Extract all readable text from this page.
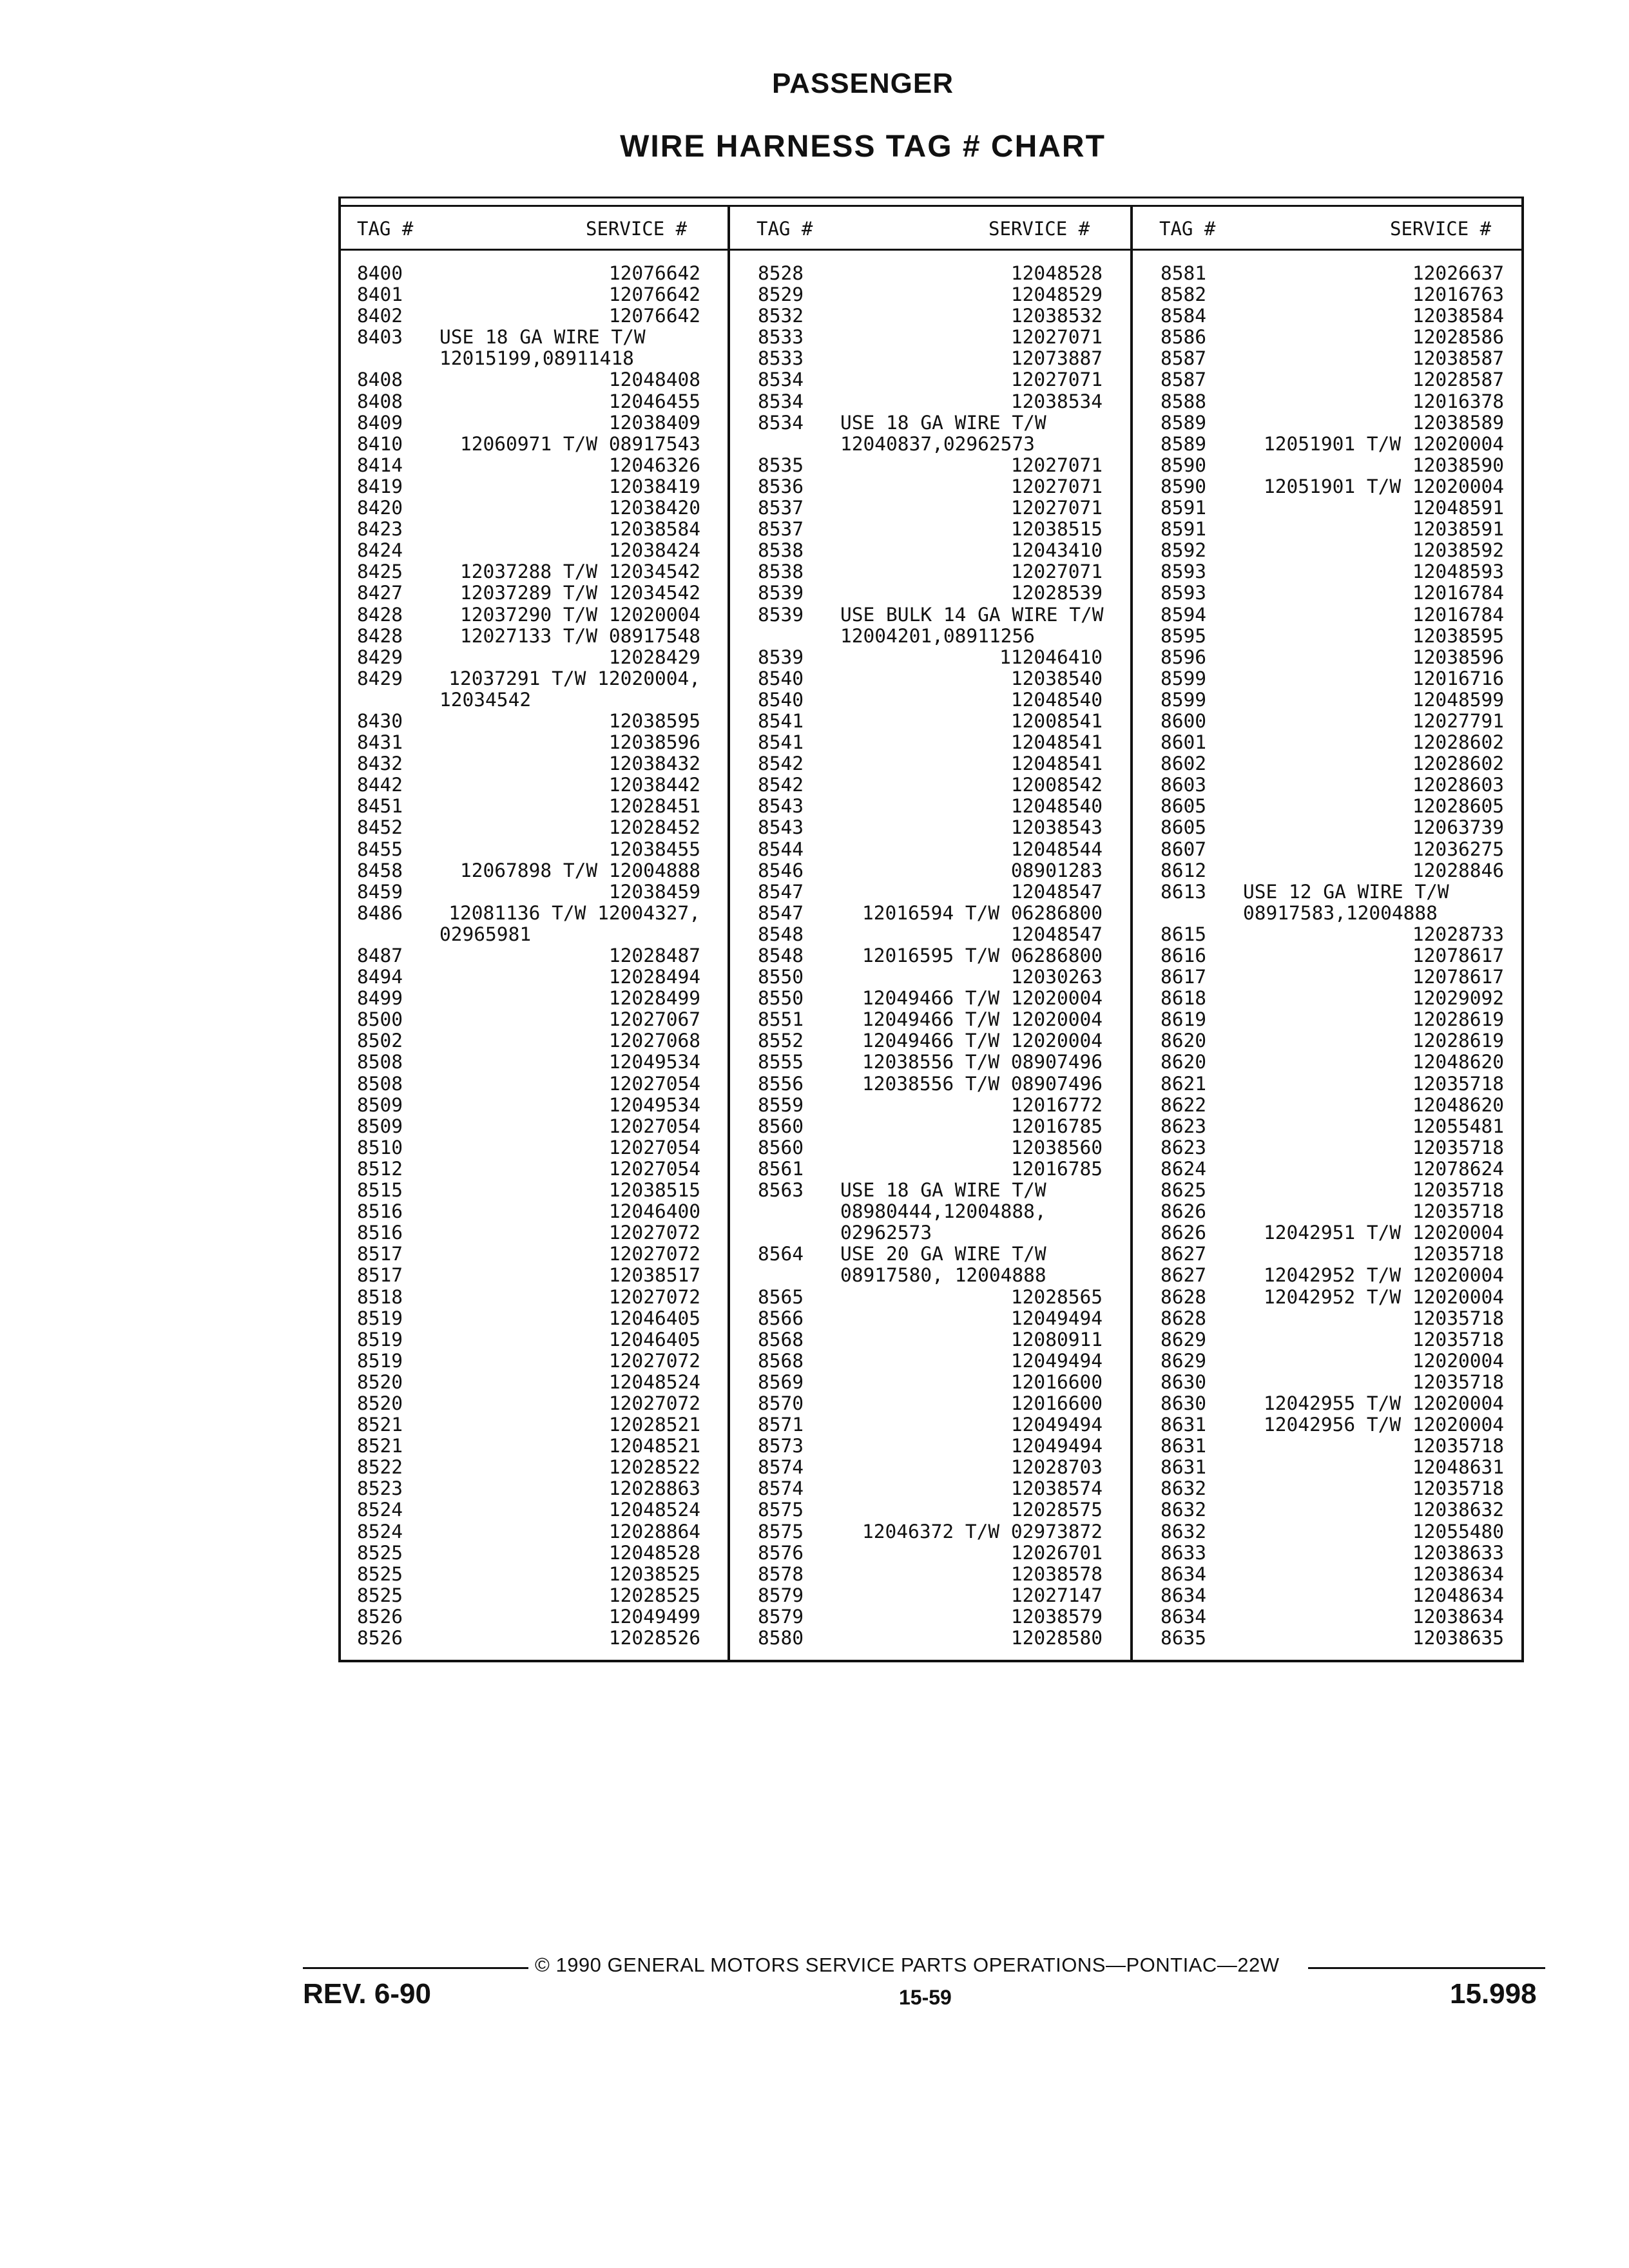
PASSENGER
WIRE HARNESS TAG # CHART
TAG #	SERVICE #	TAG #	SERVICE #	TAG #	SERVICE #
8400	12076642
8401	12076642
8402	12076642
8403 USE 18 GA WIRE T/W
12015199,08911418
8408	12048408
8408	12046455
8409	12038409
8410	12060971 T/W 08917543
8414	12046326
8419	12038419
8420	12038420
8423	12038584
8424	12038424
8425	12037288 T/W 12034542
8427	12037289 T/W 12034542
8428	12037290 T/W 12020004
8428	12027133 T/W 08917548
8429	12028429
8429 12037291 T/W 12020004,
12034542
8430	12038595
8431	12038596
8432	12038432
8442	12038442
8451	12028451
8452	12028452
8455	12038455
8458	12067898 T/W 12004888
8459	12038459
8486 12081136 T/W 12004327,
02965981
8487	12028487
8494	12028494
8499	12028499
8500	12027067
8502	12027068
8508	12049534
8508	12027054
8509	12049534
8509	12027054
8510	12027054
8512	12027054
8515	12038515
8516	12046400
8516	12027072
8517	12027072
8517	12038517
8518	12027072
8519	12046405
8519	12046405
8519	12027072
8520	12048524
8520	12027072
8521	12028521
8521	12048521
8522	12028522
8523	12028863
8524	12048524
8524	12028864
8525	12048528
8525	12038525
8525	12028525
8526	12049499
8526	12028526
8528	12048528
8529	12048529
8532	12038532
8533	12027071
8533	12073887
8534	12027071
8534	12038534
8534 USE 18 GA WIRE T/W
12040837,02962573
8535	12027071
8536	12027071
8537	12027071
8537	12038515
8538	12043410
8538	12027071
8539	12028539
8539 USE BULK 14 GA WIRE T/W
12004201,08911256
8539	112046410
8540	12038540
8540	12048540
8541	12008541
8541	12048541
8542	12048541
8542	12008542
8543	12048540
8543	12038543
8544	12048544
8546	08901283
8547	12048547
8547	12016594 T/W 06286800
8548	12048547
8548	12016595 T/W 06286800
8550	12030263
8550	12049466 T/W 12020004
8551	12049466 T/W 12020004
8552	12049466 T/W 12020004
8555	12038556 T/W 08907496
8556	12038556 T/W 08907496
8559	12016772
8560	12016785
8560	12038560
8561	12016785
8563 USE 18 GA WIRE T/W
08980444,12004888,
02962573
8564 USE 20 GA WIRE T/W
08917580, 12004888
8565	12028565
8566	12049494
8568	12080911
8568	12049494
8569	12016600
8570	12016600
8571	12049494
8573	12049494
8574	12028703
8574	12038574
8575	12028575
8575	12046372 T/W 02973872
8576	12026701
8578	12038578
8579	12027147
8579	12038579
8580	12028580
8581	12026637
8582	12016763
8584	12038584
8586	12028586
8587	12038587
8587	12028587
8588	12016378
8589	12038589
8589	12051901 T/W 12020004
8590	12038590
8590	12051901 T/W 12020004
8591	12048591
8591	12038591
8592	12038592
8593	12048593
8593	12016784
8594	12016784
8595	12038595
8596	12038596
8599	12016716
8599	12048599
8600	12027791
8601	12028602
8602	12028602
8603	12028603
8605	12028605
8605	12063739
8607	12036275
8612	12028846
8613 USE 12 GA WIRE T/W
08917583,12004888
8615	12028733
8616	12078617
8617	12078617
8618	12029092
8619	12028619
8620	12028619
8620	12048620
8621	12035718
8622	12048620
8623	12055481
8623	12035718
8624	12078624
8625	12035718
8626	12035718
8626	12042951 T/W 12020004
8627	12035718
8627	12042952 T/W 12020004
8628	12042952 T/W 12020004
8628	12035718
8629	12035718
8629	12020004
8630	12035718
8630	12042955 T/W 12020004
8631	12042956 T/W 12020004
8631	12035718
8631	12048631
8632	12035718
8632	12038632
8632	12055480
8633	12038633
8634	12038634
8634	12048634
8634	12038634
8635	12038635
© 1990 GENERAL MOTORS SERVICE PARTS OPERATIONS—PONTIAC—22W
REV. 6-90	15-59	15.998
